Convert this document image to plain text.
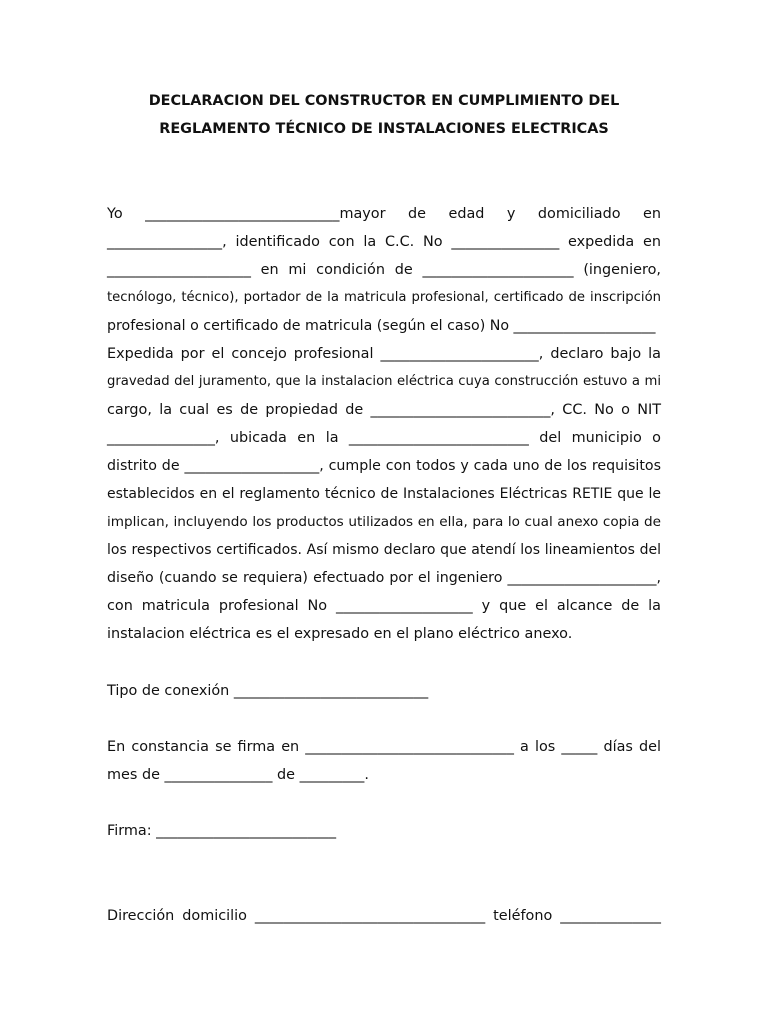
DECLARACION DEL CONSTRUCTOR EN CUMPLIMIENTO DEL
REGLAMENTO TÉCNICO DE INSTALACIONES ELECTRICAS
Yo ___________________________mayor de edad y domiciliado en
________________, identificado con la C.C. No _______________ expedida en
____________________ en mi condición de _____________________ (ingeniero,
tecnólogo, técnico), portador de la matricula profesional, certificado de inscripción
profesional o certificado de matricula (según el caso) No ____________________
Expedida por el concejo profesional ______________________, declaro bajo la
gravedad del juramento, que la instalacion eléctrica cuya construcción estuvo a mi
cargo, la cual es de propiedad de _________________________, CC. No o NIT
_______________, ubicada en la _________________________ del municipio o
distrito de ___________________, cumple con todos y cada uno de los requisitos
establecidos en el reglamento técnico de Instalaciones Eléctricas RETIE que le
implican, incluyendo los productos utilizados en ella, para lo cual anexo copia de
los respectivos certificados. Así mismo declaro que atendí los lineamientos del
diseño (cuando se requiera) efectuado por el ingeniero _____________________,
con matricula profesional No ___________________ y que el alcance de la
instalacion eléctrica es el expresado en el plano eléctrico anexo.
Tipo de conexión ___________________________
En constancia se firma en _____________________________ a los _____ días del
mes de _______________ de _________.
Firma: _________________________
Dirección domicilio ________________________________ teléfono ______________
